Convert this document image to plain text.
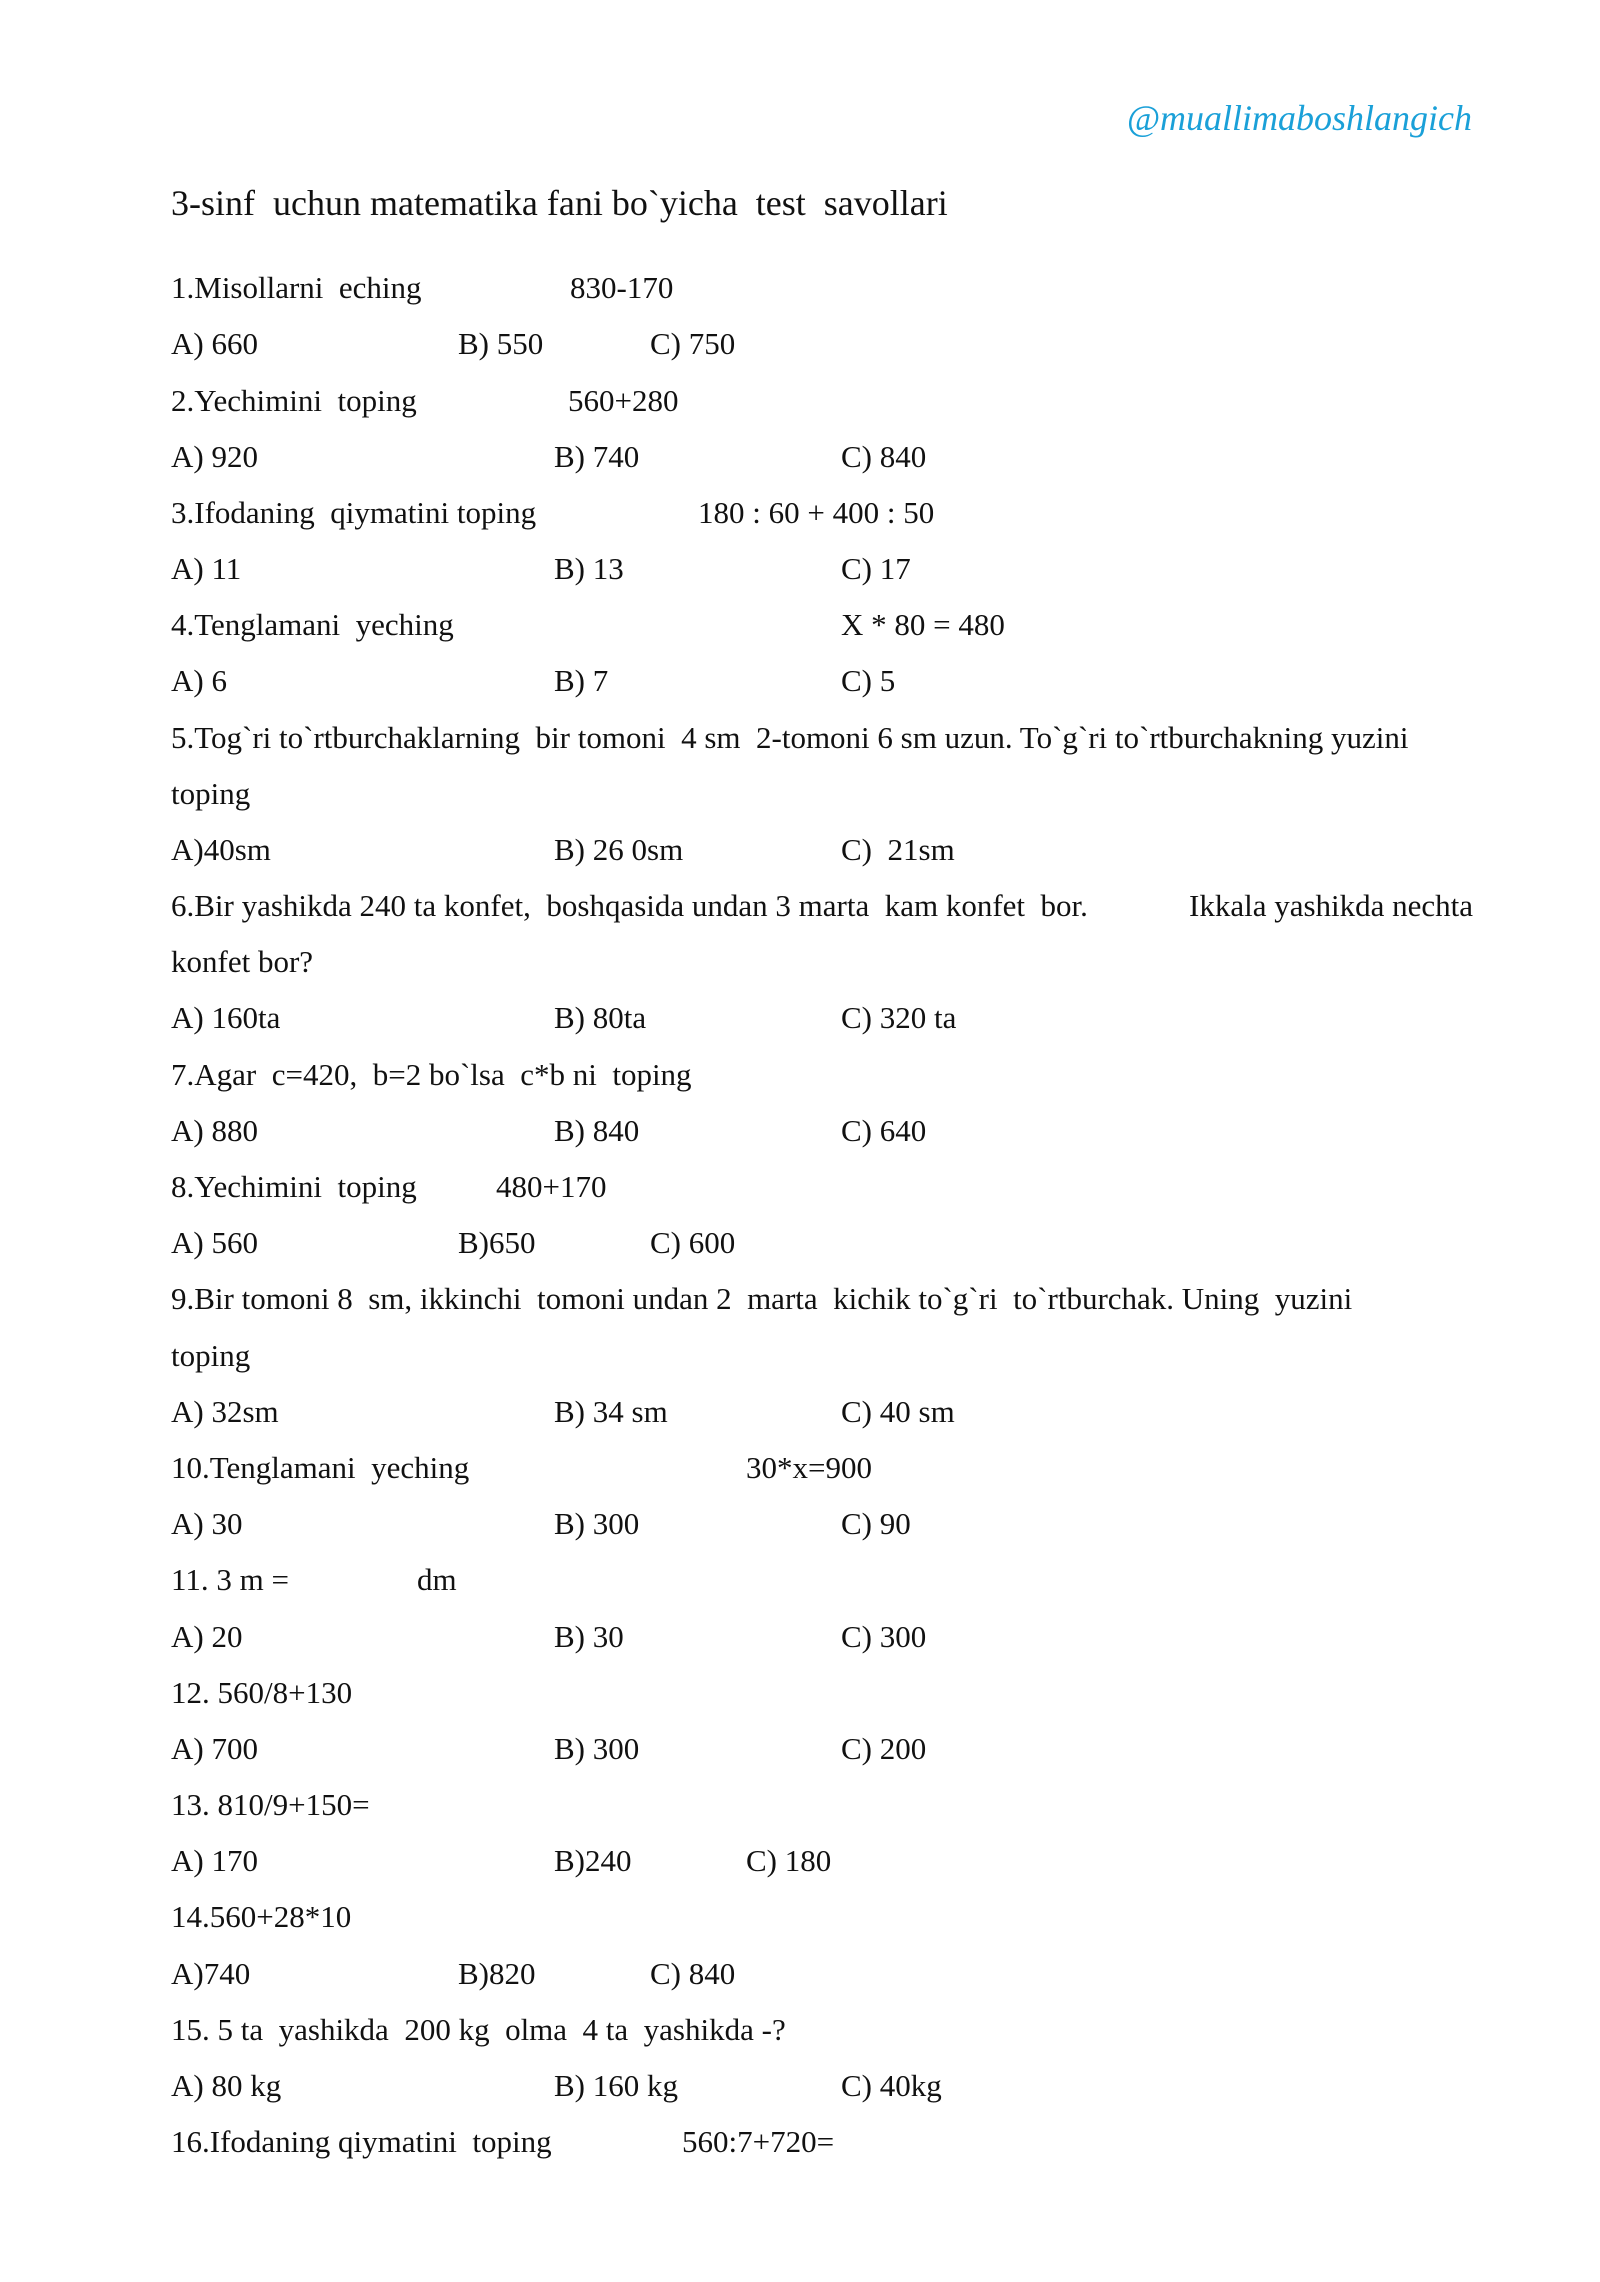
@muallimaboshlangich
3-sinf  uchun matematika fani bo`yicha  test  savollari

1.Misollarni  eching

	830-170

A) 660

	B) 550

	C) 750

2.Yechimini  toping

	560+280

A) 920

	B) 740

	C) 840

3.Ifodaning  qiymatini toping

	180 : 60 + 400 : 50

A) 11

	B) 13

	C) 17

4.Tenglamani  yeching

	X * 80 = 480

A) 6

	B) 7

	C) 5

5.Tog`ri to`rtburchaklarning  bir tomoni  4 sm  2-tomoni 6 sm uzun. To`g`ri to`rtburchakning yuzini

toping

A)40sm

	B) 26 0sm

	C)  21sm

6.Bir yashikda 240 ta konfet,  boshqasida undan 3 marta  kam konfet  bor.

	Ikkala yashikda nechta

konfet bor?

A) 160ta

	B) 80ta

	C) 320 ta

7.Agar  c=420,  b=2 bo`lsa  c*b ni  toping

A) 880

	B) 840

	C) 640

8.Yechimini  toping

	480+170

A) 560

	B)650

	C) 600

9.Bir tomoni 8  sm, ikkinchi  tomoni undan 2  marta  kichik to`g`ri  to`rtburchak. Uning  yuzini

toping

A) 32sm

	B) 34 sm

	C) 40 sm

10.Tenglamani  yeching

	30*x=900

A) 30

	B) 300

	C) 90

11. 3 m =

	dm

A) 20

	B) 30

	C) 300

12. 560/8+130

A) 700

	B) 300

	C) 200

13. 810/9+150=

A) 170

	B)240

	C) 180

14.560+28*10

A)740

	B)820

	C) 840

15. 5 ta  yashikda  200 kg  olma  4 ta  yashikda -?

A) 80 kg

	B) 160 kg

	C) 40kg

16.Ifodaning qiymatini  toping

	560:7+720=
